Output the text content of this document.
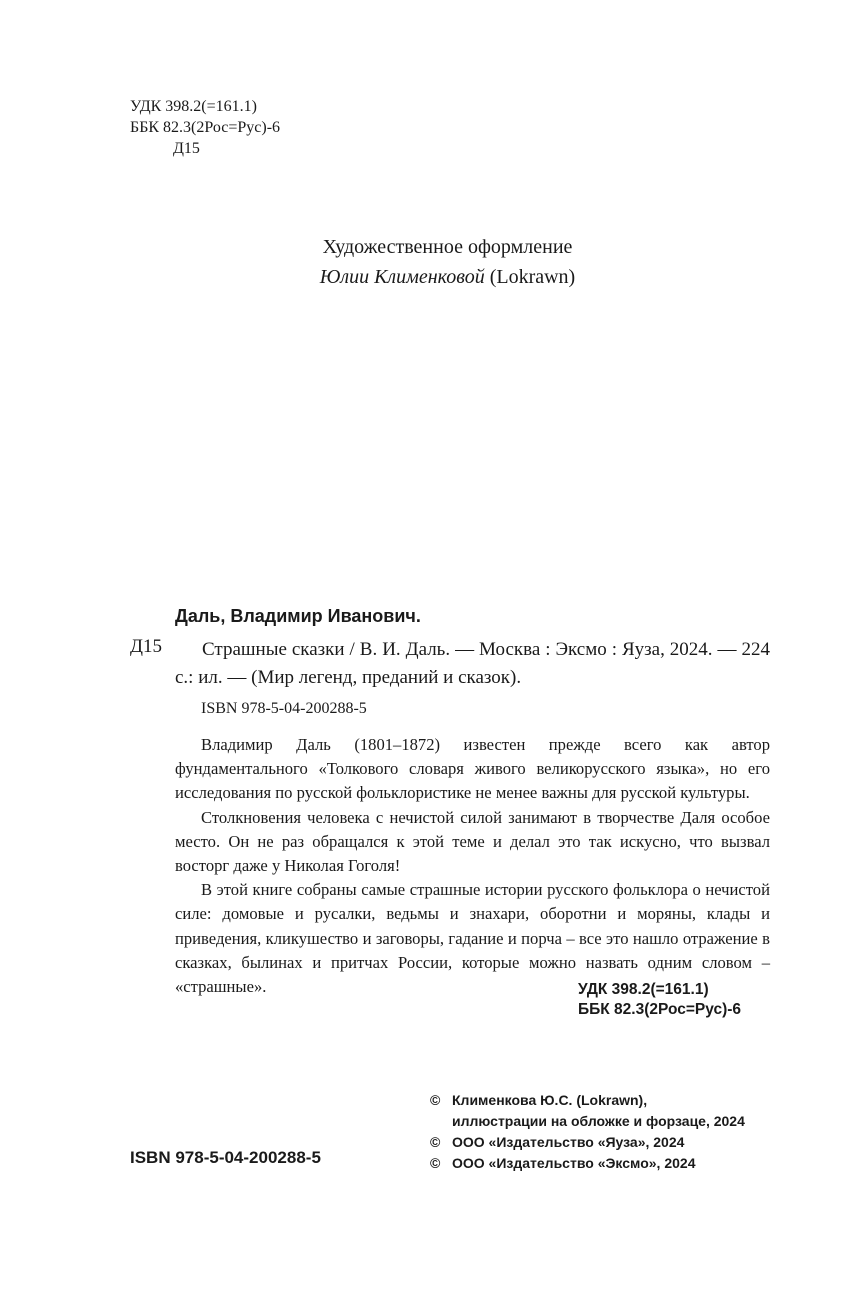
УДК 398.2(=161.1)
ББК 82.3(2Рос=Рус)-6
Д15
Художественное оформление
Юлии Клименковой (Lokrawn)
Даль, Владимир Иванович.
Д15	Страшные сказки / В. И. Даль. — Москва : Эксмо : Яуза, 2024. — 224 с.: ил. — (Мир легенд, преданий и сказок).
ISBN 978-5-04-200288-5

Владимир Даль (1801–1872) известен прежде всего как автор фундаментального «Толкового словаря живого великорусского языка», но его исследования по русской фольклористике не менее важны для русской культуры.

Столкновения человека с нечистой силой занимают в творчестве Даля особое место. Он не раз обращался к этой теме и делал это так искусно, что вызвал восторг даже у Николая Гоголя!

В этой книге собраны самые страшные истории русского фольклора о нечистой силе: домовые и русалки, ведьмы и знахари, оборотни и моряны, клады и приведения, кликушество и заговоры, гадание и порча – все это нашло отражение в сказках, былинах и притчах России, которые можно назвать одним словом – «страшные».	УДК 398.2(=161.1)
ББК 82.3(2Рос=Рус)-6
© Клименкова Ю.С. (Lokrawn),
иллюстрации на обложке и форзаце, 2024
© ООО «Издательство «Яуза», 2024
© ООО «Издательство «Эксмо», 2024
ISBN 978-5-04-200288-5
